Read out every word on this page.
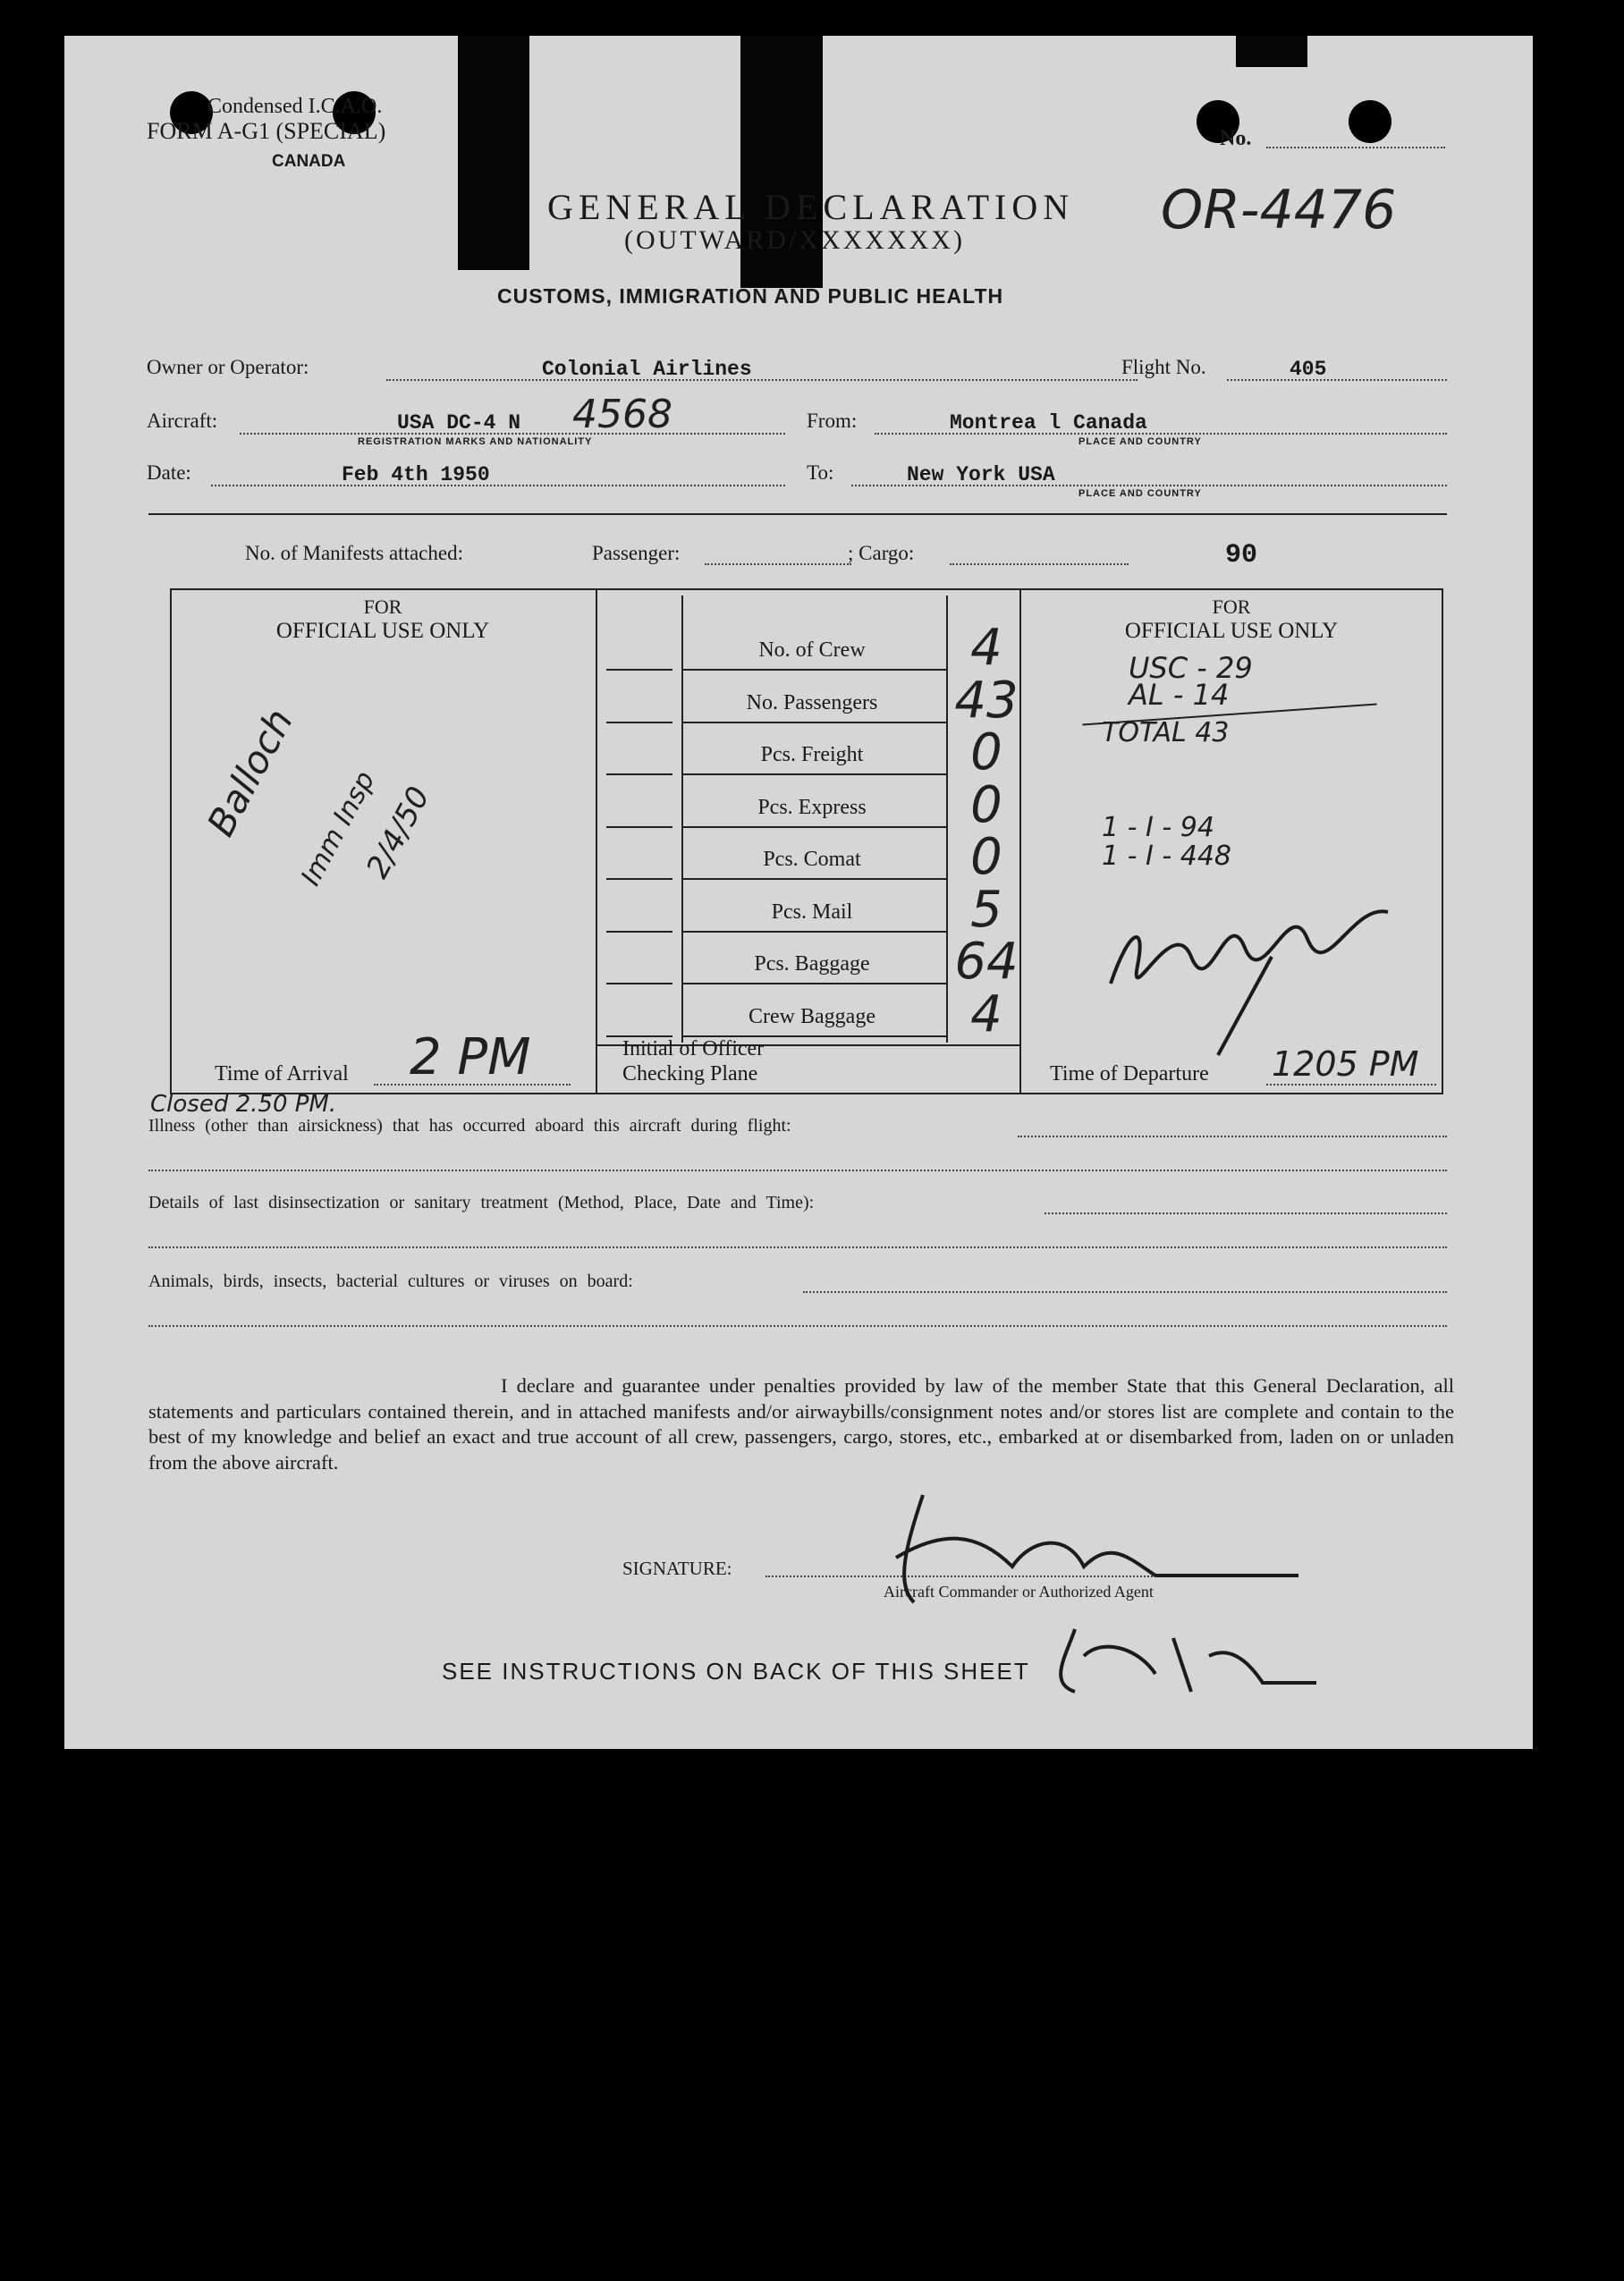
Condensed I.C.A.O.
FORM A-G1 (SPECIAL)
CANADA
No.
GENERAL DECLARATION
(OUTWARD/XXXXXXX)	OR-4476
CUSTOMS, IMMIGRATION AND PUBLIC HEALTH
Owner or Operator:	Colonial Airlines	Flight No.	405
Aircraft:	USA DC-4 N 4568
REGISTRATION MARKS AND NATIONALITY
From:	Montrea l Canada
PLACE AND COUNTRY
Date:	Feb 4th 1950	To:	New York USA
PLACE AND COUNTRY
No. of Manifests attached:	Passenger:	; Cargo:	90
FOR
OFFICIAL USE ONLY
FOR
OFFICIAL USE ONLY
No. of Crew	4
No. Passengers	43
Pcs. Freight	0
Pcs. Express	0
Pcs. Comat	0
Pcs. Mail	5
Pcs. Baggage	64
Crew Baggage	4
Balloch
Imm Insp
2/4/50
USC - 29
AL - 14
TOTAL 43
1 - I - 94
1 - I - 448
Time of Arrival 2 PM	Initial of Officer
Checking Plane	Time of Departure 1205 PM
Closed 2.50 PM.
Illness (other than airsickness) that has occurred aboard this aircraft during flight:
Details of last disinsectization or sanitary treatment (Method, Place, Date and Time):
Animals, birds, insects, bacterial cultures or viruses on board:
I declare and guarantee under penalties provided by law of the member State that this General Declaration, all statements and particulars contained therein, and in attached manifests and/or airwaybills/consignment notes and/or stores list are complete and contain to the best of my knowledge and belief an exact and true account of all crew, passengers, cargo, stores, etc., embarked at or disembarked from, laden on or unladen from the above aircraft.
SIGNATURE:
Aircraft Commander or Authorized Agent
SEE INSTRUCTIONS ON BACK OF THIS SHEET
